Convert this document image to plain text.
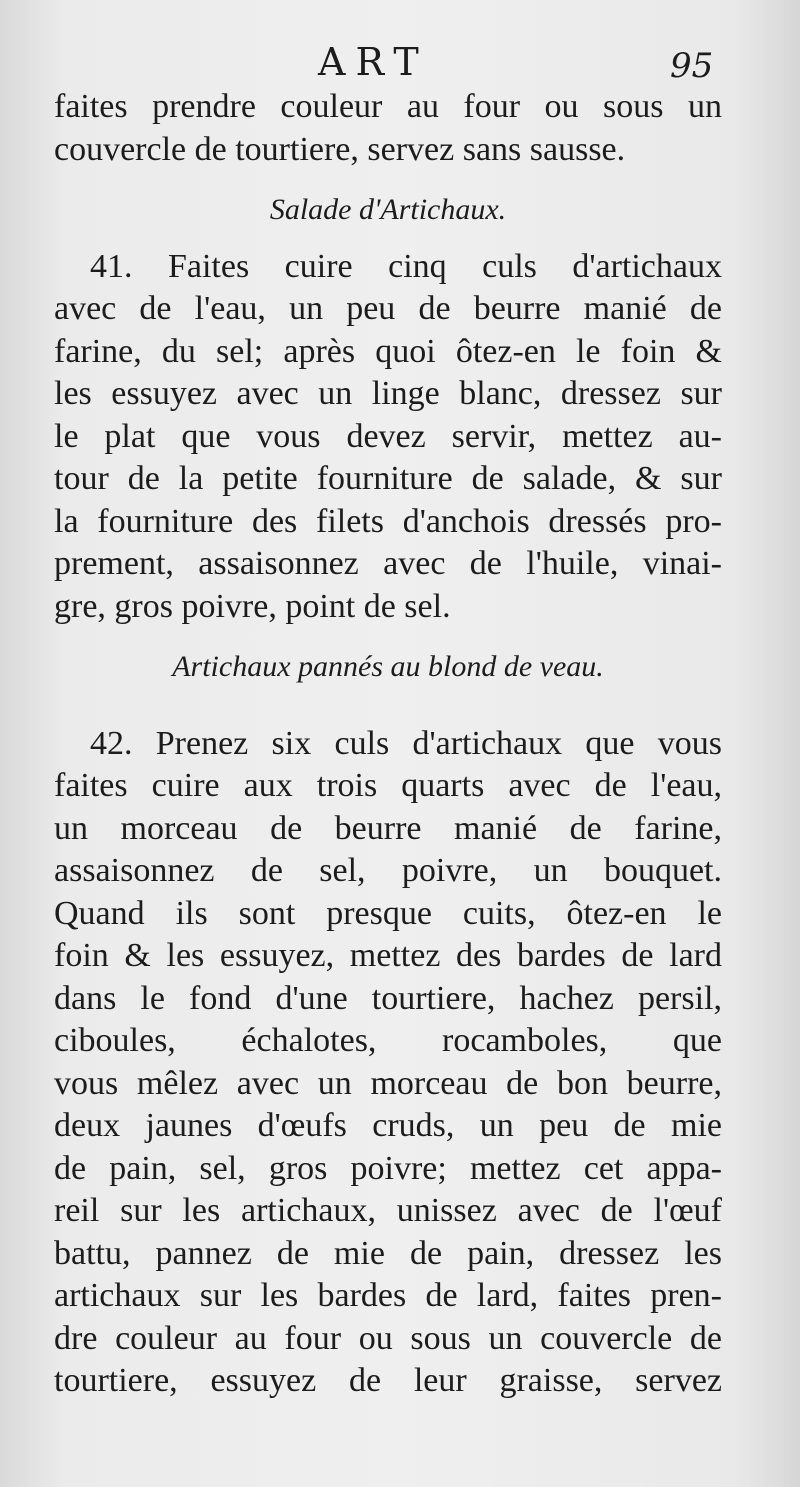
ART	95
faites prendre couleur au four ou sous un
couvercle de tourtiere, servez sans sausse.
Salade d'Artichaux.
41. Faites cuire cinq culs d'artichaux
avec de l'eau, un peu de beurre manié de
farine, du sel; après quoi ôtez-en le foin &
les essuyez avec un linge blanc, dressez sur
le plat que vous devez servir, mettez au-
tour de la petite fourniture de salade, & sur
la fourniture des filets d'anchois dressés pro-
prement, assaisonnez avec de l'huile, vinai-
gre, gros poivre, point de sel.
Artichaux pannés au blond de veau.
42. Prenez six culs d'artichaux que vous
faites cuire aux trois quarts avec de l'eau,
un morceau de beurre manié de farine,
assaisonnez de sel, poivre, un bouquet.
Quand ils sont presque cuits, ôtez-en le
foin & les essuyez, mettez des bardes de lard
dans le fond d'une tourtiere, hachez persil,
ciboules, échalotes, rocamboles, que
vous mêlez avec un morceau de bon beurre,
deux jaunes d'œufs cruds, un peu de mie
de pain, sel, gros poivre; mettez cet appa-
reil sur les artichaux, unissez avec de l'œuf
battu, pannez de mie de pain, dressez les
artichaux sur les bardes de lard, faites pren-
dre couleur au four ou sous un couvercle de
tourtiere, essuyez de leur graisse, servez
